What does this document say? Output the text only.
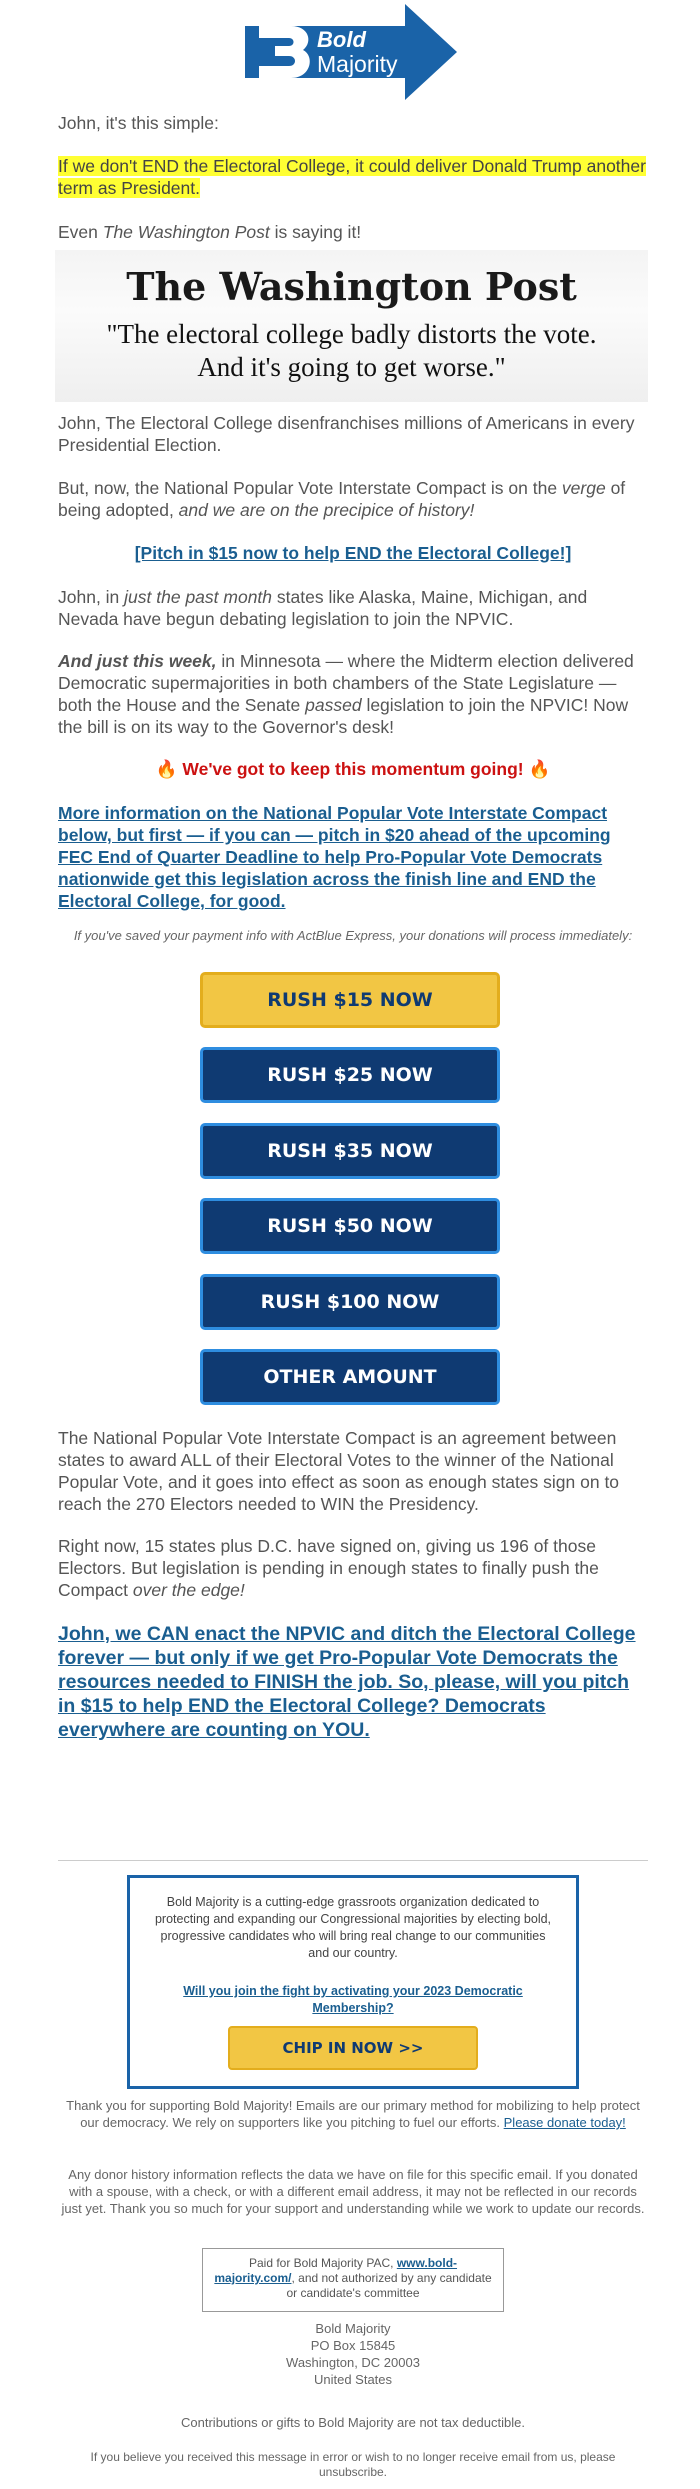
Bold
Majority

John, it's this simple:

If we don't END the Electoral College, it could deliver Donald Trump another term as President.

Even The Washington Post is saying it!

The Washington Post
"The electoral college badly distorts the vote.
And it's going to get worse."

John, The Electoral College disenfranchises millions of Americans in every Presidential Election.

But, now, the National Popular Vote Interstate Compact is on the verge of being adopted, and we are on the precipice of history!

[Pitch in $15 now to help END the Electoral College!]

John, in just the past month states like Alaska, Maine, Michigan, and Nevada have begun debating legislation to join the NPVIC.

And just this week, in Minnesota — where the Midterm election delivered Democratic supermajorities in both chambers of the State Legislature — both the House and the Senate passed legislation to join the NPVIC! Now the bill is on its way to the Governor's desk!

🔥 We've got to keep this momentum going! 🔥

More information on the National Popular Vote Interstate Compact below, but first — if you can — pitch in $20 ahead of the upcoming FEC End of Quarter Deadline to help Pro-Popular Vote Democrats nationwide get this legislation across the finish line and END the Electoral College, for good.

If you've saved your payment info with ActBlue Express, your donations will process immediately:

RUSH $15 NOW
RUSH $25 NOW
RUSH $35 NOW
RUSH $50 NOW
RUSH $100 NOW
OTHER AMOUNT

The National Popular Vote Interstate Compact is an agreement between states to award ALL of their Electoral Votes to the winner of the National Popular Vote, and it goes into effect as soon as enough states sign on to reach the 270 Electors needed to WIN the Presidency.

Right now, 15 states plus D.C. have signed on, giving us 196 of those Electors. But legislation is pending in enough states to finally push the Compact over the edge!

John, we CAN enact the NPVIC and ditch the Electoral College forever — but only if we get Pro-Popular Vote Democrats the resources needed to FINISH the job. So, please, will you pitch in $15 to help END the Electoral College? Democrats everywhere are counting on YOU.
Bold Majority is a cutting-edge grassroots organization dedicated to protecting and expanding our Congressional majorities by electing bold, progressive candidates who will bring real change to our communities and our country.
Will you join the fight by activating your 2023 Democratic Membership?
CHIP IN NOW >>
Thank you for supporting Bold Majority! Emails are our primary method for mobilizing to help protect our democracy. We rely on supporters like you pitching to fuel our efforts. Please donate today!
Any donor history information reflects the data we have on file for this specific email. If you donated with a spouse, with a check, or with a different email address, it may not be reflected in our records just yet. Thank you so much for your support and understanding while we work to update our records.
Paid for Bold Majority PAC, www.bold-majority.com/, and not authorized by any candidate or candidate's committee
Bold Majority
PO Box 15845
Washington, DC 20003
United States
Contributions or gifts to Bold Majority are not tax deductible.
If you believe you received this message in error or wish to no longer receive email from us, please unsubscribe.
